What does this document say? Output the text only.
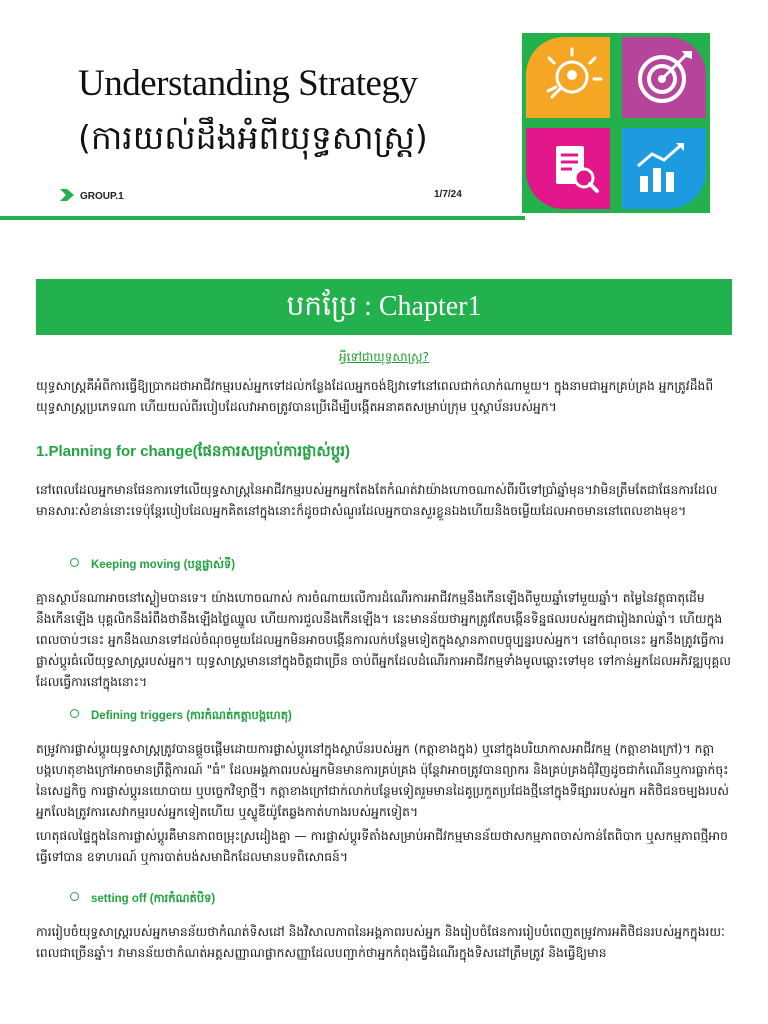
Understanding Strategy
(ការយល់ដឹងអំពីយុទ្ធសាស្ត្រ)
GROUP.1	1/7/24
បកប្រែ : Chapter1
អ្វីទៅជាយុទ្ធសាស្ត្រ?
យុទ្ធសាស្ត្រគឺអំពីការធ្វើឱ្យប្រាកដថាអាជីវកម្មរបស់អ្នកទៅដល់កន្លែងដែលអ្នកចង់ឱ្យវាទៅនៅពេលជាក់លាក់ណាមួយ។ ក្នុងនាមជាអ្នកគ្រប់គ្រង អ្នកត្រូវដឹងពីយុទ្ធសាស្ត្រប្រភេទណា ហើយយល់ពីរបៀបដែលវាអាចត្រូវបានប្រើដើម្បីបង្កើតអនាគតសម្រាប់ក្រុម ឬស្ថាប័នរបស់អ្នក។
1.Planning for change(ផែនការសម្រាប់ការផ្លាស់ប្តូរ)
នៅពេលដែលអ្នកមានផែនការទៅលើយុទ្ធសាស្ត្រនៃអាជីវកម្មរបស់អ្នកអ្នកតែងតែកំណត់វាយ៉ាងហោចណាស់ពីរបីទៅប្រាំឆ្នាំមុន។វាមិនត្រឹមតែជាផែនការដែលមានសារៈសំខាន់នោះទេប៉ុន្តែរបៀបដែលអ្នកគិតនៅក្នុងនោះក៏ដូចជាសំណួរដែលអ្នកបានសួរខ្លួនឯងហើយនិងចម្លើយដែលអាចមាននៅពេលខាងមុខ។
Keeping moving (បន្តផ្លាស់ទី)
គ្មានស្ថាប័នណាអាចនៅស្ងៀមបានទេ។ យ៉ាងហោចណាស់ ការចំណាយលើការដំណើរការអាជីវកម្មនឹងកើនឡើងពីមួយឆ្នាំទៅមួយឆ្នាំ។ តម្លៃនៃវត្ថុធាតុដើមនឹងកើនឡើង បុគ្គលិកនឹងរំពឹងថានឹងឡើងថ្លៃឈ្នួល ហើយការជួលនឹងកើនឡើង។ នេះមានន័យថាអ្នកត្រូវតែបង្កើនទិន្នផលរបស់អ្នកជារៀងរាល់ឆ្នាំ។ ហើយក្នុងពេលចាប់ៗនេះ អ្នកនឹងឈានទៅដល់ចំណុចមួយដែលអ្នកមិនអាចបង្កើនការលក់បន្ថែមទៀតក្នុងស្ថានភាពបច្ចុប្បន្នរបស់អ្នក។ នៅចំណុចនេះ អ្នកនឹងត្រូវធ្វើការផ្លាស់ប្តូរធំលើយុទ្ធសាស្ត្ររបស់អ្នក។ យុទ្ធសាស្ត្រមាននៅក្នុងចិត្តជាច្រើន ចាប់ពីអ្នកដែលដំណើរការអាជីវកម្មទាំងមូលឆ្ពោះទៅមុខ ទៅកាន់អ្នកដែលអភិវឌ្ឍបុគ្គលដែលធ្វើការនៅក្នុងនោះ។
Defining triggers (ការកំណត់កត្តាបង្កហេតុ)
តម្រូវការផ្លាស់ប្តូរយុទ្ធសាស្ត្រត្រូវបានផ្តួចផ្តើមដោយការផ្លាស់ប្តូរនៅក្នុងស្ថាប័នរបស់អ្នក (កត្តាខាងក្នុង) ឬនៅក្នុងបរិយាកាសអាជីវកម្ម (កត្តាខាងក្រៅ)។ កត្តាបង្កហេតុខាងក្រៅអាចមានព្រឹត្តិការណ៍ "ធំ" ដែលអង្គភាពរបស់អ្នកមិនមានការគ្រប់គ្រង ប៉ុន្តែវាអាចត្រូវបានព្យាករ និងគ្រប់គ្រងជុំវិញដូចជាកំណើនឬការធ្លាក់ចុះនៃសេដ្ឋកិច្ច ការផ្លាស់ប្តូរនយោបាយ ឬបច្ចេកវិទ្យាថ្មី។ កត្តាខាងក្រៅជាក់លាក់បន្ថែមទៀតរួមមានដៃគូប្រកួតប្រជែងថ្មីនៅក្នុងទីផ្សាររបស់អ្នក អតិថិជនចម្បងរបស់អ្នកលែងត្រូវការសេវាកម្មរបស់អ្នកទៀតហើយ ឬស្ទូឌីយ៉ូតែឆ្លងកាត់ហាងរបស់អ្នកទៀត។
ហេតុផលផ្ទៃក្នុងនៃការផ្លាស់ប្តូរគឺមានភាពចម្រុះស្រដៀងគ្នា — ការផ្លាស់ប្តូរទីតាំងសម្រាប់អាជីវកម្មមានន័យថាសកម្មភាពចាស់កាន់តែពិបាក ឬសកម្មភាពថ្មីអាចធ្វើទៅបាន ឧទាហរណ៍ ឬការបាត់បង់សមាជិកដែលមានបទពិសោធន៍។
setting off (ការកំណត់បិទ)
ការរៀបចំយុទ្ធសាស្ត្ររបស់អ្នកមានន័យថាកំណត់ទិសដៅ និងវិសាលភាពនៃអង្គភាពរបស់អ្នក និងរៀបចំផែនការរៀបបំពេញតម្រូវការអតិថិជនរបស់អ្នកក្នុងរយៈពេលជាច្រើនឆ្នាំ។ វាមានន័យថាកំណត់អត្តសញ្ញាណផ្លាកសញ្ញាដែលបញ្ជាក់ថាអ្នកកំពុងធ្វើដំណើរក្នុងទិសដៅត្រឹមត្រូវ និងធ្វើឱ្យមាន
